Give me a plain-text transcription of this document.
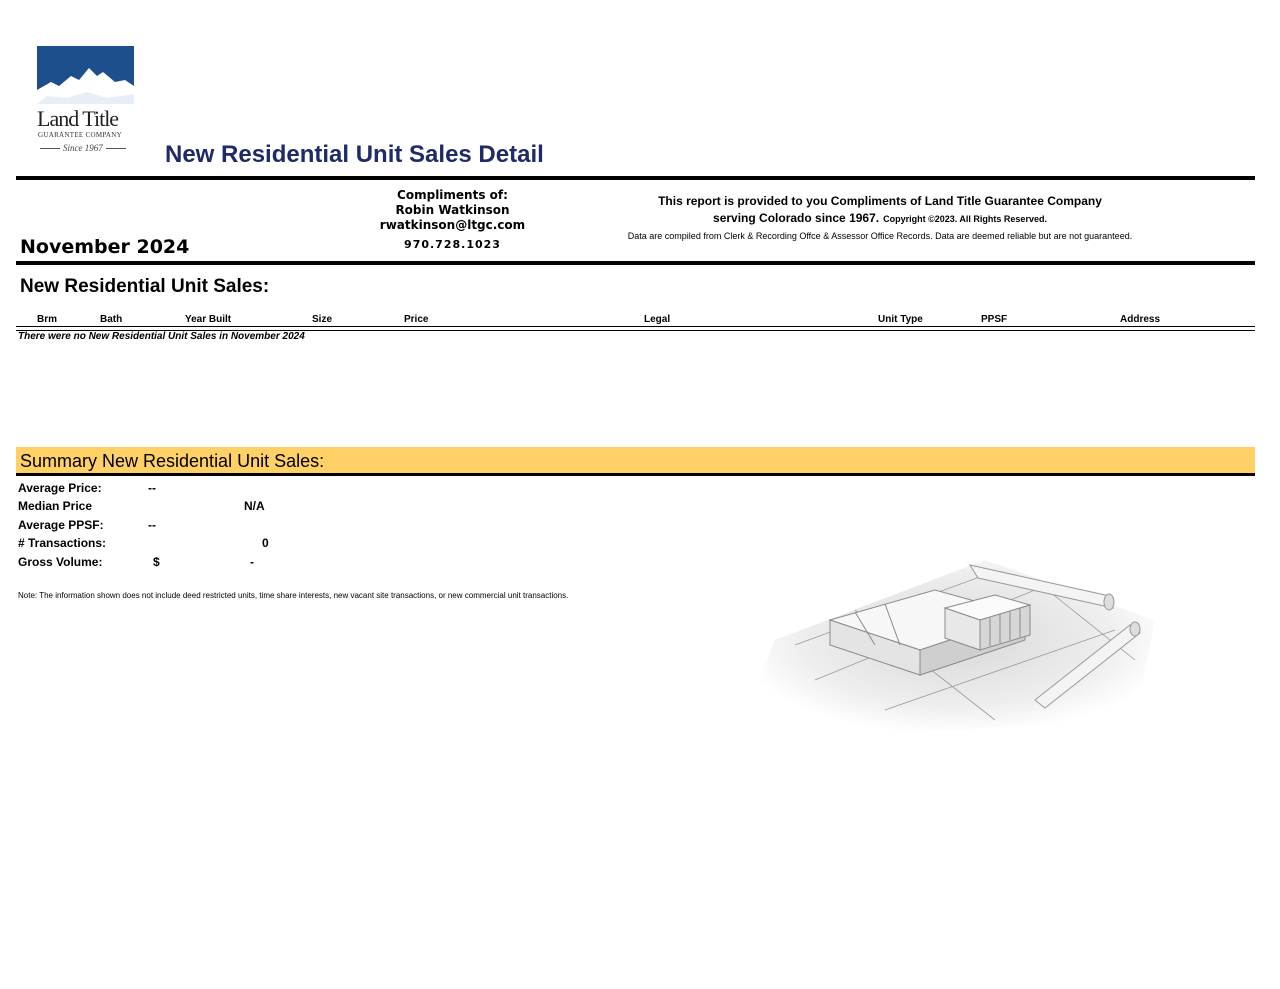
Land Title
GUARANTEE COMPANY
Since 1967	New Residential Unit Sales Detail
Compliments of:
Robin Watkinson
rwatkinson@ltgc.com
970.728.1023
This report is provided to you Compliments of Land Title Guarantee Company
serving Colorado since 1967. Copyright ©2023. All Rights Reserved.
Data are compiled from Clerk & Recording Offce & Assessor Office Records. Data are deemed reliable but are not guaranteed.
November 2024
New Residential Unit Sales:
Brm	Bath	Year Built	Size	Price	Legal	Unit Type	PPSF	Address
There were no New Residential Unit Sales in November 2024
Summary New Residential Unit Sales:
Average Price:	--
Median Price	N/A
Average PPSF:	--
# Transactions:	0
Gross Volume:	$	-
Note: The information shown does not include deed restricted units, time share interests, new vacant site transactions, or new commercial unit transactions.
